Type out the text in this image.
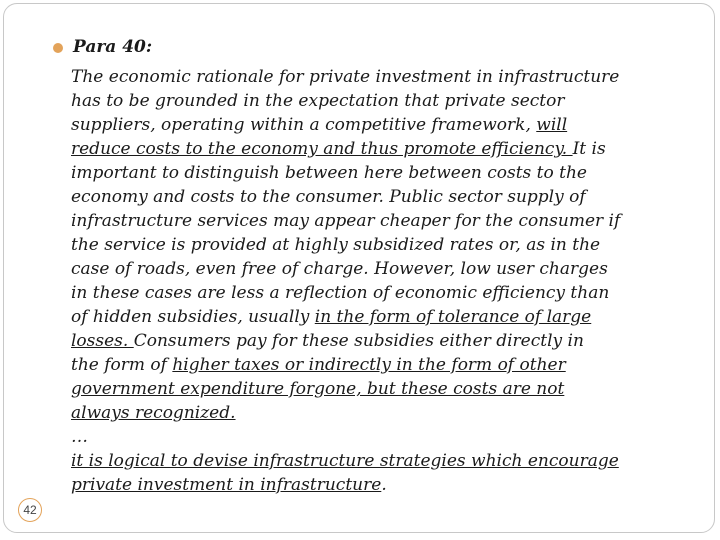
Para 40:
The economic rationale for private investment in infrastructure
has to be grounded in the expectation that private sector
suppliers, operating within a competitive framework, will
reduce costs to the economy and thus promote efficiency. It is
important to distinguish between here between costs to the
economy and costs to the consumer. Public sector supply of
infrastructure services may appear cheaper for the consumer if
the service is provided at highly subsidized rates or, as in the
case of roads, even free of charge. However, low user charges
in these cases are less a reflection of economic efficiency than
of hidden subsidies, usually in the form of tolerance of large
losses. Consumers pay for these subsidies either directly in
the form of higher taxes or indirectly in the form of other
government expenditure forgone, but these costs are not
always recognized.
…
it is logical to devise infrastructure strategies which encourage
private investment in infrastructure.
42
